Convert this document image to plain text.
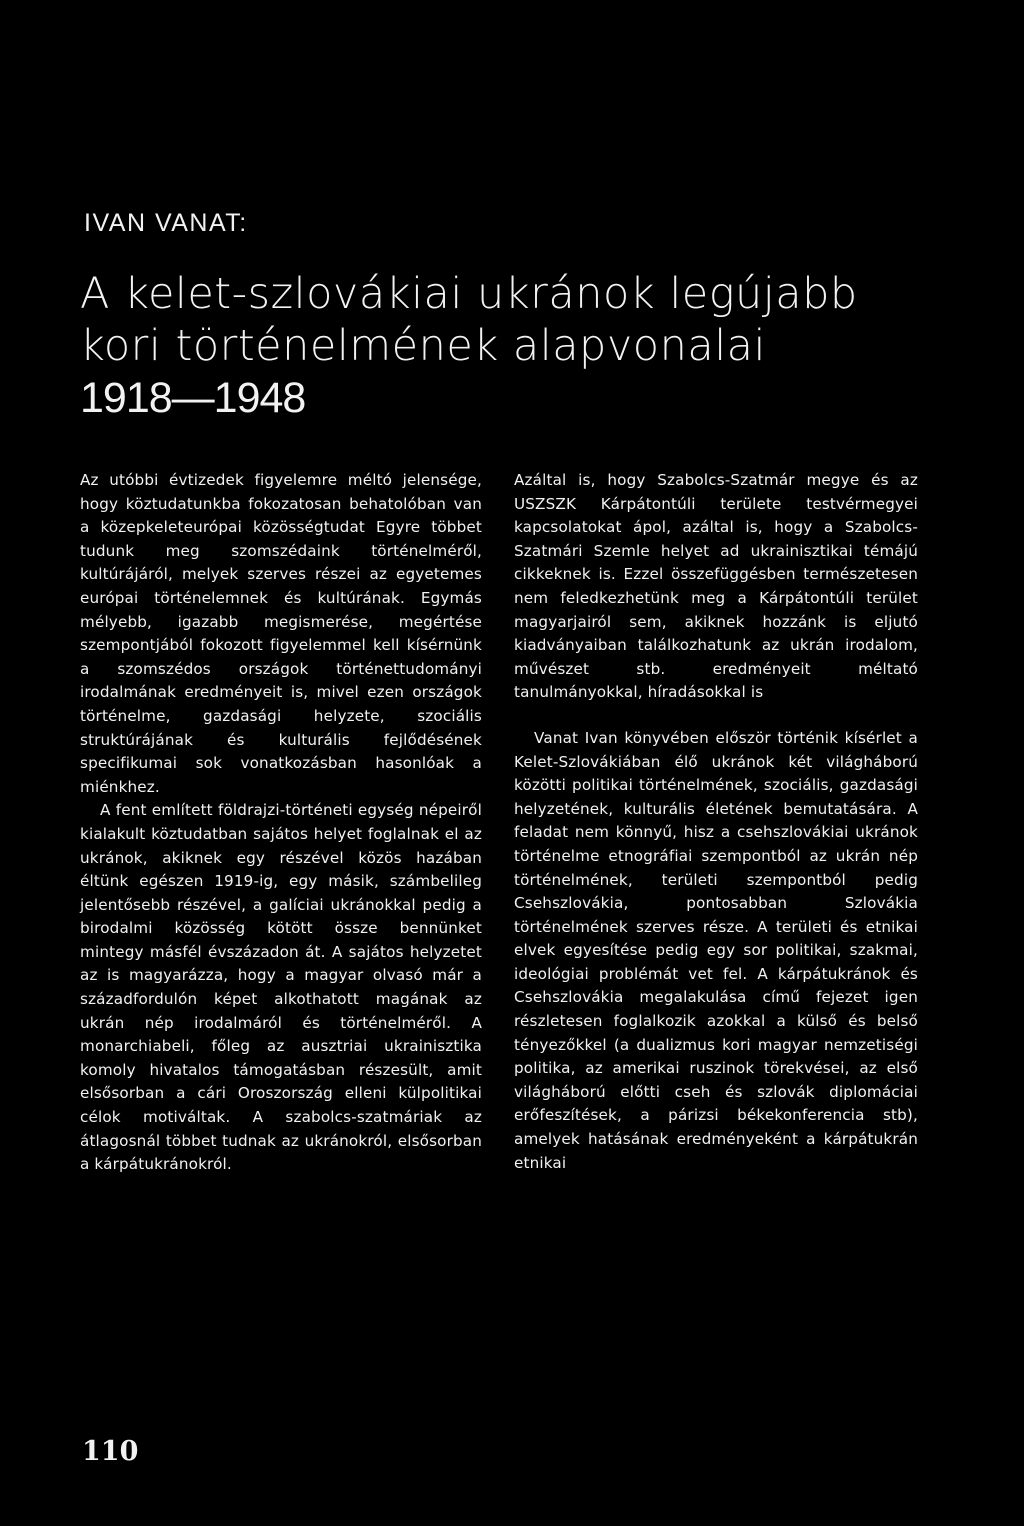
IVAN VANAT:
A kelet-szlovákiai ukránok legújabb
kori történelmének alapvonalai
1918—1948

Az utóbbi évtizedek figyelemre méltó jelensége, hogy köztudatunkba fokozatosan behatolóban van a közepkeleteurópai közösségtudat Egyre többet tudunk meg szomszédaink történelméről, kultúrájáról, melyek szerves részei az egyetemes európai történelemnek és kultúrának. Egymás mélyebb, igazabb megismerése, megértése szempontjából fokozott figyelemmel kell kísérnünk a szomszédos országok történettudományi irodalmának eredményeit is, mivel ezen országok történelme, gazdasági helyzete, szociális struktúrájának és kulturális fejlődésének specifikumai sok vonatkozásban hasonlóak a miénkhez.

A fent említett földrajzi-történeti egység népeiről kialakult köztudatban sajátos helyet foglalnak el az ukránok, akiknek egy részével közös hazában éltünk egészen 1919-ig, egy másik, számbelileg jelentősebb részével, a galíciai ukránokkal pedig a birodalmi közösség kötött össze bennünket mintegy másfél évszázadon át. A sajátos helyzetet az is magyarázza, hogy a magyar olvasó már a századfordulón képet alkothatott magának az ukrán nép irodalmáról és történelméről. A monarchiabeli, főleg az ausztriai ukrainisztika komoly hivatalos támogatásban részesült, amit elsősorban a cári Oroszország elleni külpolitikai célok motiváltak. A szabolcs-szatmáriak az átlagosnál többet tudnak az ukránokról, elsősorban a kárpátukránokról.

Azáltal is, hogy Szabolcs-Szatmár megye és az USZSZK Kárpátontúli területe testvérmegyei kapcsolatokat ápol, azáltal is, hogy a Szabolcs-Szatmári Szemle helyet ad ukrainisztikai témájú cikkeknek is. Ezzel összefüggésben természetesen nem feledkezhetünk meg a Kárpátontúli terület magyarjairól sem, akiknek hozzánk is eljutó kiadványaiban találkozhatunk az ukrán irodalom, művészet stb. eredményeit méltató tanulmányokkal, híradásokkal is

Vanat Ivan könyvében először történik kísérlet a Kelet-Szlovákiában élő ukránok két világháború közötti politikai történelmének, szociális, gazdasági helyzetének, kulturális életének bemutatására. A feladat nem könnyű, hisz a csehszlovákiai ukránok történelme etnográfiai szempontból az ukrán nép történelmének, területi szempontból pedig Csehszlovákia, pontosabban Szlovákia történelmének szerves része. A területi és etnikai elvek egyesítése pedig egy sor politikai, szakmai, ideológiai problémát vet fel. A kárpátukránok és Csehszlovákia megalakulása című fejezet igen részletesen foglalkozik azokkal a külső és belső tényezőkkel (a dualizmus kori magyar nemzetiségi politika, az amerikai ruszinok törekvései, az első világháború előtti cseh és szlovák diplomáciai erőfeszítések, a párizsi békekonferencia stb), amelyek hatásának eredményeként a kárpátukrán etnikai

110
